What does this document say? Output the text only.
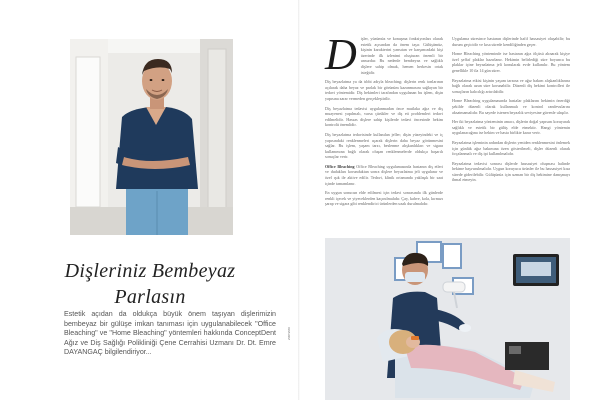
Dişleriniz Bembeyaz
Parlasın
Estetik açıdan da oldukça büyük önem taşıyan dişlerimizin bembeyaz bir gülüşe imkan tanıması için uygulanabilecek "Office Bleaching" ve "Home Bleaching" yöntemleri hakkında ConceptDent Ağız ve Diş Sağlığı Polikliniği Çene Cerrahisi Uzmanı Dr. Dt. Emre DAYANGAÇ bilgilendiriyor...
zamanı
D işler, yüzümüz ve konuşma fonksiyonları olarak estetik açısından da önem taşır. Gülüşümüz, kişinin karakterini yansıtan ve karşımızdaki kişi üzerinde ilk izlenimi oluşturan önemli bir unsurdur. Bu nedenle bembeyaz ve sağlıklı dişlere sahip olmak, hemen herkesin ortak isteğidir.

Diş beyazlatma ya da tıbbi adıyla bleaching; dişlerin renk tonlarının açılarak daha beyaz ve parlak bir görünüm kazanmasını sağlayan bir tedavi yöntemidir. Diş hekimleri tarafından uygulanan bu işlem, dişin yapısına zarar vermeden gerçekleştirilir.

Diş beyazlatma tedavisi uygulanmadan önce mutlaka ağız ve diş muayenesi yapılmalı, varsa çürükler ve diş eti problemleri tedavi edilmelidir. Hassas dişlere sahip kişilerde tedavi öncesinde hekim kontrolü önemlidir.

Diş beyazlatma tedavisinde kullanılan jeller; dişin yüzeyindeki ve iç yapısındaki renklenmeleri açarak dişlerin daha beyaz görünmesini sağlar. Bu işlem, yaşam tarzı, beslenme alışkanlıkları ve sigara kullanımına bağlı olarak oluşan renklenmelerde oldukça başarılı sonuçlar verir.

Office Bleaching Office Bleaching uygulamasında hastanın diş etleri ve dudakları korunduktan sonra dişlere beyazlatma jeli uygulanır ve özel ışık ile aktive edilir. Tedavi, klinik ortamında yaklaşık bir saat içinde tamamlanır.

En uygun sonucun elde edilmesi için tedavi sonrasında ilk günlerde renkli içecek ve yiyeceklerden kaçınılmalıdır. Çay, kahve, kola, kırmızı şarap ve sigara gibi renklendirici ürünlerden uzak durulmalıdır.

Uygulama süresince hastanın dişlerinde hafif hassasiyet oluşabilir; bu durum geçicidir ve kısa sürede kendiliğinden geçer.

Home Bleaching yönteminde ise hastanın ağız ölçüsü alınarak kişiye özel şeffaf plaklar hazırlanır. Hekimin belirlediği süre boyunca bu plaklar içine beyazlatma jeli konularak evde kullanılır. Bu yöntem genellikle 10 ila 14 gün sürer.

Beyazlatma etkisi kişinin yaşam tarzına ve ağız bakım alışkanlıklarına bağlı olarak uzun süre korunabilir. Düzenli diş hekimi kontrolleri ile sonuçların kalıcılığı artırılabilir.

Home Bleaching uygulamasında hastalar plaklarını hekimin önerdiği şekilde düzenli olarak kullanmalı ve kontrol randevularını aksatmamalıdır. Bu sayede istenen beyazlık seviyesine güvenle ulaşılır.

Her iki beyazlatma yönteminin amacı, dişlerin doğal yapısını koruyarak sağlıklı ve estetik bir gülüş elde etmektir. Hangi yöntemin uygulanacağına ise hekim ve hasta birlikte karar verir.

Beyazlatma işleminin ardından dişlerin yeniden renklenmesini önlemek için günlük ağız bakımına özen gösterilmeli, dişler düzenli olarak fırçalanmalı ve diş ipi kullanılmalıdır.

Beyazlatma tedavisi sonrası dişlerde hassasiyet oluşması halinde hekime başvurulmalıdır. Uygun koruyucu ürünler ile bu hassasiyet kısa sürede giderilebilir. Gülüşünüz için uzman bir diş hekimine danışmayı ihmal etmeyin.
